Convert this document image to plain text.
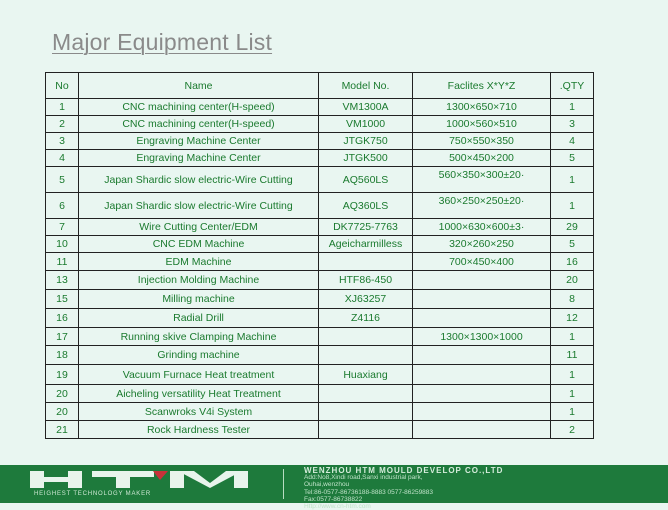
Major Equipment List
No	Name	Model No.	Faclites X*Y*Z	.QTY
1	CNC machining center(H-speed)	VM1300A	1300×650×710	1
2	CNC machining center(H-speed)	VM1000	1000×560×510	3
3	Engraving Machine Center	JTGK750	750×550×350	4
4	Engraving Machine Center	JTGK500	500×450×200	5
5	Japan Shardic slow electric-Wire Cutting	AQ560LS	560×350×300±20·	1
6	Japan Shardic slow electric-Wire Cutting	AQ360LS	360×250×250±20·	1
7	Wire Cutting Center/EDM	DK7725-7763	1000×630×600±3·	29
10	CNC EDM Machine	Ageicharmilless	320×260×250	5
11	EDM Machine		700×450×400	16
13	Injection Molding Machine	HTF86-450		20
15	Milling machine	XJ63257		8
16	Radial Drill	Z4116		12
17	Running skive Clamping Machine		1300×1300×1000	1
18	Grinding machine			11
19	Vacuum Furnace Heat treatment	Huaxiang		1
20	Aicheling versatility Heat Treatment			1
20	Scanwroks V4i System			1
21	Rock Hardness Tester			2
HEIGHEST TECHNOLOGY MAKER
WENZHOU HTM MOULD DEVELOP CO.,LTD
Add:No8,Xindi road,Sanxi industrial park,
Ouhai,wenzhou
Tel:86-0577-86736188-8883 0577-86259883
Fax:0577-86738822
Http://www.cn-htm.com
